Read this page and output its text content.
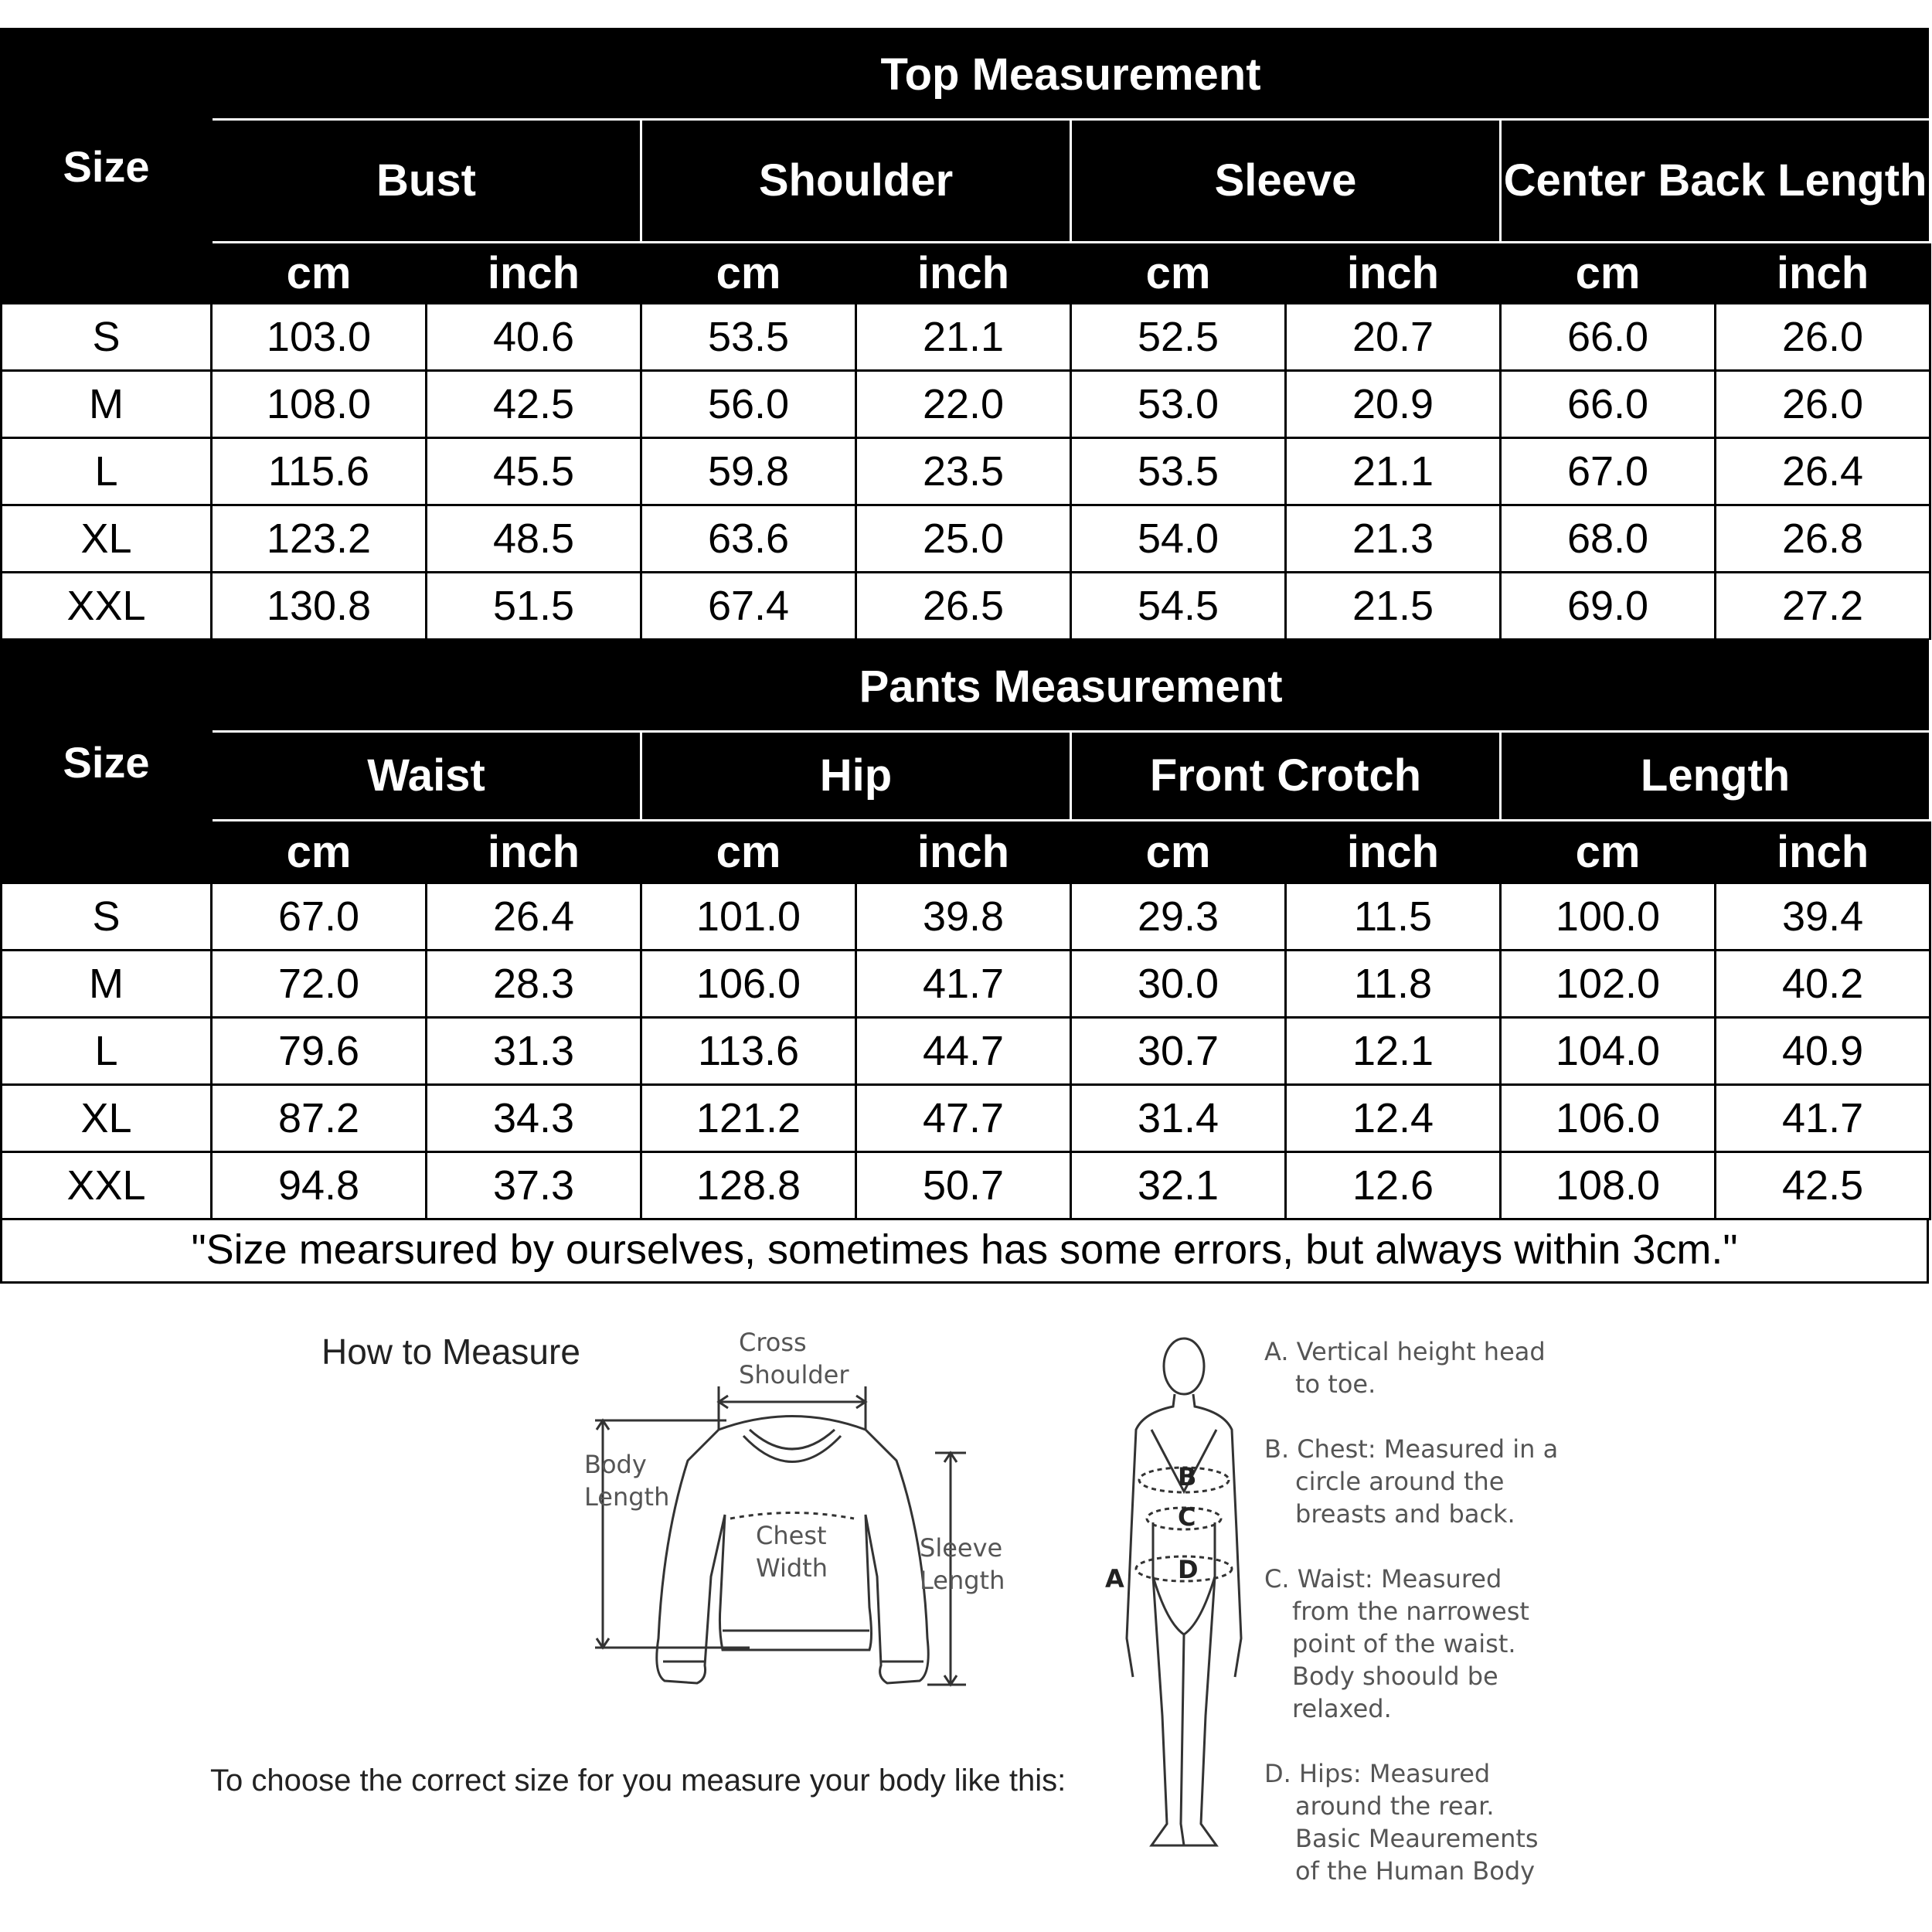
Size	Top Measurement							
	Bust		Shoulder		Sleeve		Center Back Length	
	cm	inch	cm	inch	cm	inch	cm	inch
S	103.0	40.6	53.5	21.1	52.5	20.7	66.0	26.0
M	108.0	42.5	56.0	22.0	53.0	20.9	66.0	26.0
L	115.6	45.5	59.8	23.5	53.5	21.1	67.0	26.4
XL	123.2	48.5	63.6	25.0	54.0	21.3	68.0	26.8
XXL	130.8	51.5	67.4	26.5	54.5	21.5	69.0	27.2
Size	Pants Measurement							
	Waist		Hip		Front Crotch		Length	
	cm	inch	cm	inch	cm	inch	cm	inch
S	67.0	26.4	101.0	39.8	29.3	11.5	100.0	39.4
M	72.0	28.3	106.0	41.7	30.0	11.8	102.0	40.2
L	79.6	31.3	113.6	44.7	30.7	12.1	104.0	40.9
XL	87.2	34.3	121.2	47.7	31.4	12.4	106.0	41.7
XXL	94.8	37.3	128.8	50.7	32.1	12.6	108.0	42.5
"Size mearsured by ourselves, sometimes has some errors, but always within 3cm."
How to Measure
To choose the correct size for you measure your body like this:
Cross
Shoulder
Body
Length
Chest
Width
Sleeve
Length
B
C
D
A
A. Vertical height head
to toe.
B. Chest: Measured in a
circle around the
breasts and back.
C. Waist: Measured
from the narrowest
point of the waist.
Body shoould be
relaxed.
D. Hips: Measured
around the rear.
Basic Meaurements
of the Human Body
